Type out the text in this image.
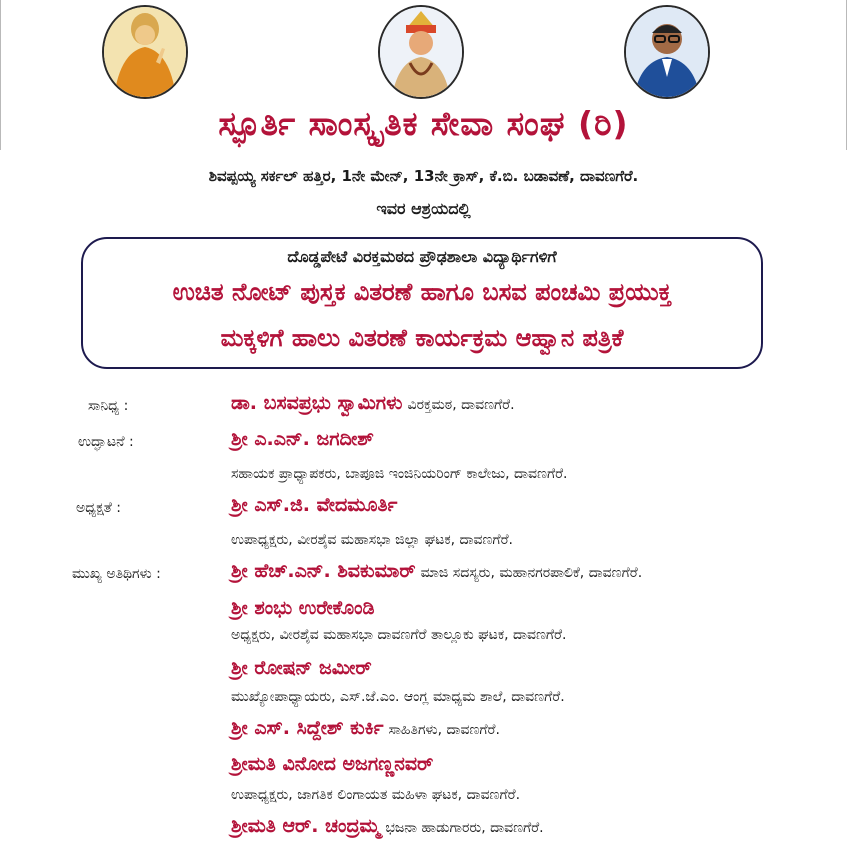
ಸ್ಫೂರ್ತಿ ಸಾಂಸ್ಕೃತಿಕ ಸೇವಾ ಸಂಘ (ರಿ)
ಶಿವಪ್ಪಯ್ಯ ಸರ್ಕಲ್ ಹತ್ತಿರ, 1ನೇ ಮೇನ್, 13ನೇ ಕ್ರಾಸ್, ಕೆ.ಬಿ. ಬಡಾವಣೆ, ದಾವಣಗೆರೆ.
ಇವರ ಆಶ್ರಯದಲ್ಲಿ
ದೊಡ್ಡಪೇಟೆ ವಿರಕ್ತಮಠದ ಪ್ರೌಢಶಾಲಾ ವಿದ್ಯಾರ್ಥಿಗಳಿಗೆ
ಉಚಿತ ನೋಟ್ ಪುಸ್ತಕ ವಿತರಣೆ ಹಾಗೂ ಬಸವ ಪಂಚಮಿ ಪ್ರಯುಕ್ತ
ಮಕ್ಕಳಿಗೆ ಹಾಲು ವಿತರಣೆ ಕಾರ್ಯಕ್ರಮ ಆಹ್ವಾನ ಪತ್ರಿಕೆ
ಸಾನಿಧ್ಯ :	ಡಾ. ಬಸವಪ್ರಭು ಸ್ವಾಮಿಗಳು ವಿರಕ್ತಮಠ, ದಾವಣಗೆರೆ.
ಉದ್ಘಾಟನೆ :	ಶ್ರೀ ಎ.ಎನ್. ಜಗದೀಶ್
ಸಹಾಯಕ ಪ್ರಾಧ್ಯಾಪಕರು, ಬಾಪೂಜಿ ಇಂಜಿನಿಯರಿಂಗ್ ಕಾಲೇಜು, ದಾವಣಗೆರೆ.
ಅಧ್ಯಕ್ಷತೆ :	ಶ್ರೀ ಎಸ್.ಜಿ. ವೇದಮೂರ್ತಿ
ಉಪಾಧ್ಯಕ್ಷರು, ವೀರಶೈವ ಮಹಾಸಭಾ ಜಿಲ್ಲಾ ಘಟಕ, ದಾವಣಗೆರೆ.
ಮುಖ್ಯ ಅತಿಥಿಗಳು :	ಶ್ರೀ ಹೆಚ್.ಎನ್. ಶಿವಕುಮಾರ್ ಮಾಜಿ ಸದಸ್ಯರು, ಮಹಾನಗರಪಾಲಿಕೆ, ದಾವಣಗೆರೆ.
ಶ್ರೀ ಶಂಭು ಉರೇಕೊಂಡಿ
ಅಧ್ಯಕ್ಷರು, ವೀರಶೈವ ಮಹಾಸಭಾ ದಾವಣಗೆರೆ ತಾಲ್ಲೂಕು ಘಟಕ, ದಾವಣಗೆರೆ.
ಶ್ರೀ ರೋಷನ್ ಜಮೀರ್
ಮುಖ್ಯೋಪಾಧ್ಯಾಯರು, ಎಸ್.ಜೆ.ಎಂ. ಆಂಗ್ಲ ಮಾಧ್ಯಮ ಶಾಲೆ, ದಾವಣಗೆರೆ.
ಶ್ರೀ ಎಸ್. ಸಿದ್ದೇಶ್ ಕುರ್ಕಿ ಸಾಹಿತಿಗಳು, ದಾವಣಗೆರೆ.
ಶ್ರೀಮತಿ ವಿನೋದ ಅಜಗಣ್ಣನವರ್
ಉಪಾಧ್ಯಕ್ಷರು, ಜಾಗತಿಕ ಲಿಂಗಾಯತ ಮಹಿಳಾ ಘಟಕ, ದಾವಣಗೆರೆ.
ಶ್ರೀಮತಿ ಆರ್. ಚಂದ್ರಮ್ಮ ಭಜನಾ ಹಾಡುಗಾರರು, ದಾವಣಗೆರೆ.
